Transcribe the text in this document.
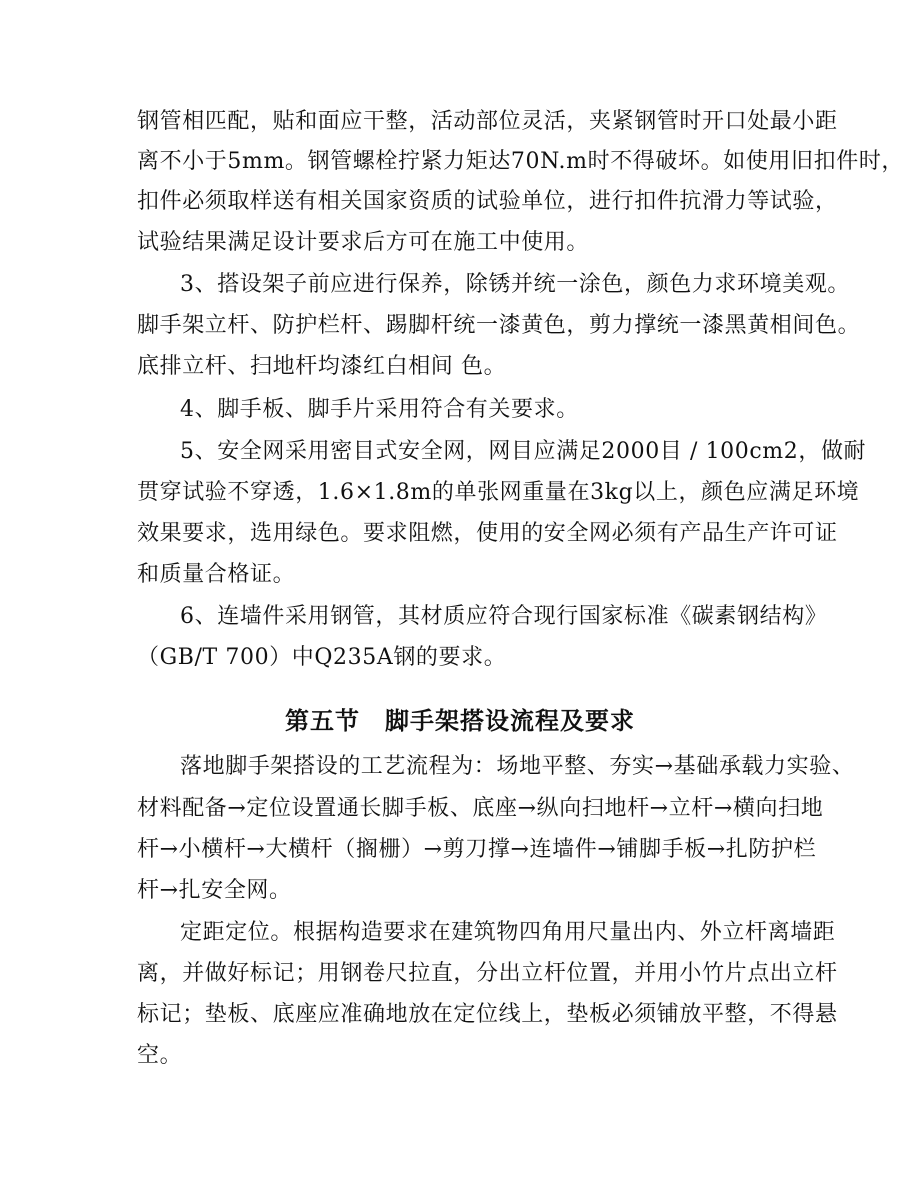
钢管相匹配，贴和面应干整，活动部位灵活，夹紧钢管时开口处最小距
离不小于5mm。钢管螺栓拧紧力矩达70N.m时不得破坏。如使用旧扣件时，
扣件必须取样送有相关国家资质的试验单位，进行扣件抗滑力等试验，
试验结果满足设计要求后方可在施工中使用。
3、搭设架子前应进行保养，除锈并统一涂色，颜色力求环境美观。
脚手架立杆、防护栏杆、踢脚杆统一漆黄色，剪力撑统一漆黑黄相间色。
底排立杆、扫地杆均漆红白相间 色。
4、脚手板、脚手片采用符合有关要求。
5、安全网采用密目式安全网，网目应满足2000目 / 100cm2，做耐
贯穿试验不穿透，1.6×1.8m的单张网重量在3kg以上，颜色应满足环境
效果要求，选用绿色。要求阻燃，使用的安全网必须有产品生产许可证
和质量合格证。
6、连墙件采用钢管，其材质应符合现行国家标准《碳素钢结构》
（GB/T 700）中Q235A钢的要求。
第五节　脚手架搭设流程及要求
落地脚手架搭设的工艺流程为：场地平整、夯实→基础承载力实验、
材料配备→定位设置通长脚手板、底座→纵向扫地杆→立杆→横向扫地
杆→小横杆→大横杆（搁栅）→剪刀撑→连墙件→铺脚手板→扎防护栏
杆→扎安全网。
定距定位。根据构造要求在建筑物四角用尺量出内、外立杆离墙距
离，并做好标记；用钢卷尺拉直，分出立杆位置，并用小竹片点出立杆
标记；垫板、底座应准确地放在定位线上，垫板必须铺放平整，不得悬
空。
